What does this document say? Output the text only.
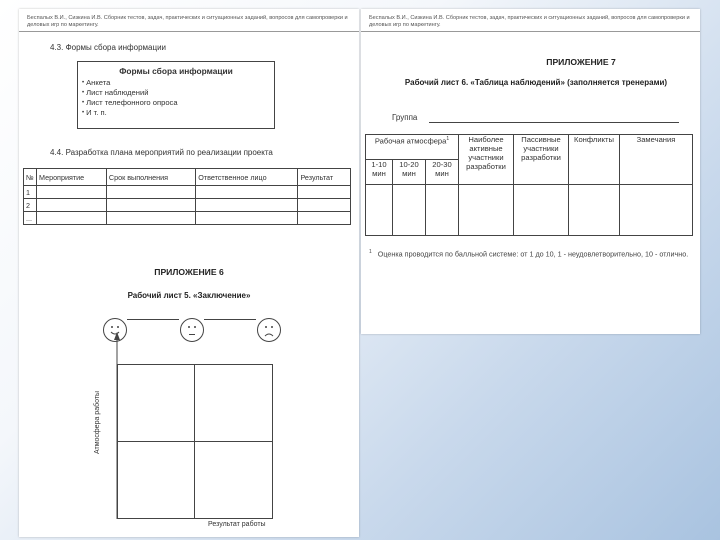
Беспалых В.И., Сизкина И.В. Сборник тестов, задач, практических и ситуационных заданий, вопросов для самопроверки и деловых игр по маркетингу.
4.3. Формы сбора информации
Формы сбора информации
• Анкета
• Лист наблюдений
• Лист телефонного опроса
• И т. п.
4.4. Разработка плана мероприятий по реализации проекта
№	Мероприятие	Срок выполнения	Ответственное лицо	Результат
1				
2				
...				
ПРИЛОЖЕНИЕ 6
Рабочий лист 5. «Заключение»
Атмосфера работы
Результат работы
Беспалых В.И., Сизкина И.В. Сборник тестов, задач, практических и ситуационных заданий, вопросов для самопроверки и деловых игр по маркетингу.
ПРИЛОЖЕНИЕ 7
Рабочий лист 6. «Таблица наблюдений» (заполняется тренерами)
Группа
Рабочая атмосфера$^1$			Наиболее активные участники разработки	Пассивные участники разработки	Конфликты	Замечания
1-10 мин	10-20 мин	20-30 мин				

$^1$ Оценка проводится по балльной системе: от 1 до 10, 1 - неудовлетворительно, 10 - отлично.
